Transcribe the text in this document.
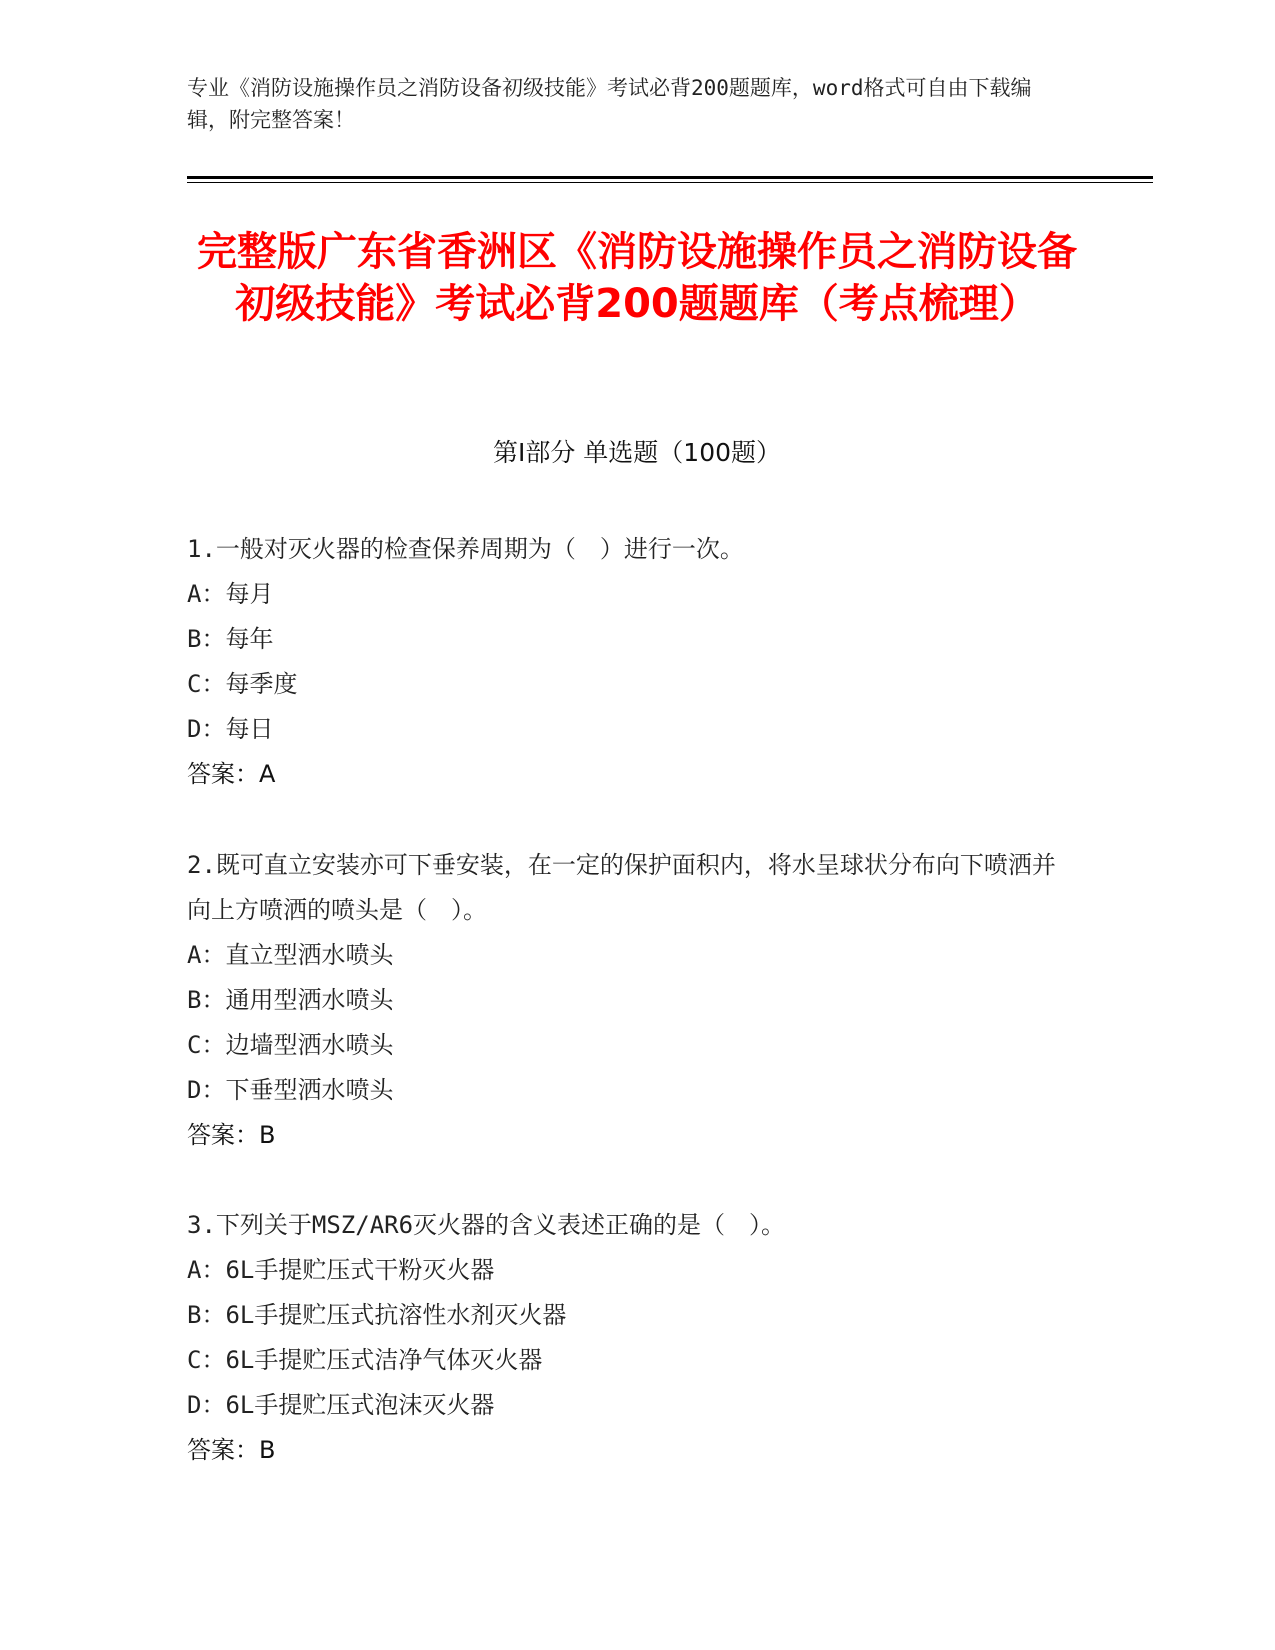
专业《消防设施操作员之消防设备初级技能》考试必背200题题库，word格式可自由下载编辑，附完整答案！
完整版广东省香洲区《消防设施操作员之消防设备初级技能》考试必背200题题库（考点梳理）
第Ⅰ部分 单选题（100题）

1.一般对灭火器的检查保养周期为（　）进行一次。

A：每月

B：每年

C：每季度

D：每日

答案：A

2.既可直立安装亦可下垂安装，在一定的保护面积内，将水呈球状分布向下喷洒并向上方喷洒的喷头是（　）。

A：直立型洒水喷头

B：通用型洒水喷头

C：边墙型洒水喷头

D：下垂型洒水喷头

答案：B

3.下列关于MSZ/AR6灭火器的含义表述正确的是（　）。

A：6L手提贮压式干粉灭火器

B：6L手提贮压式抗溶性水剂灭火器

C：6L手提贮压式洁净气体灭火器

D：6L手提贮压式泡沫灭火器

答案：B
